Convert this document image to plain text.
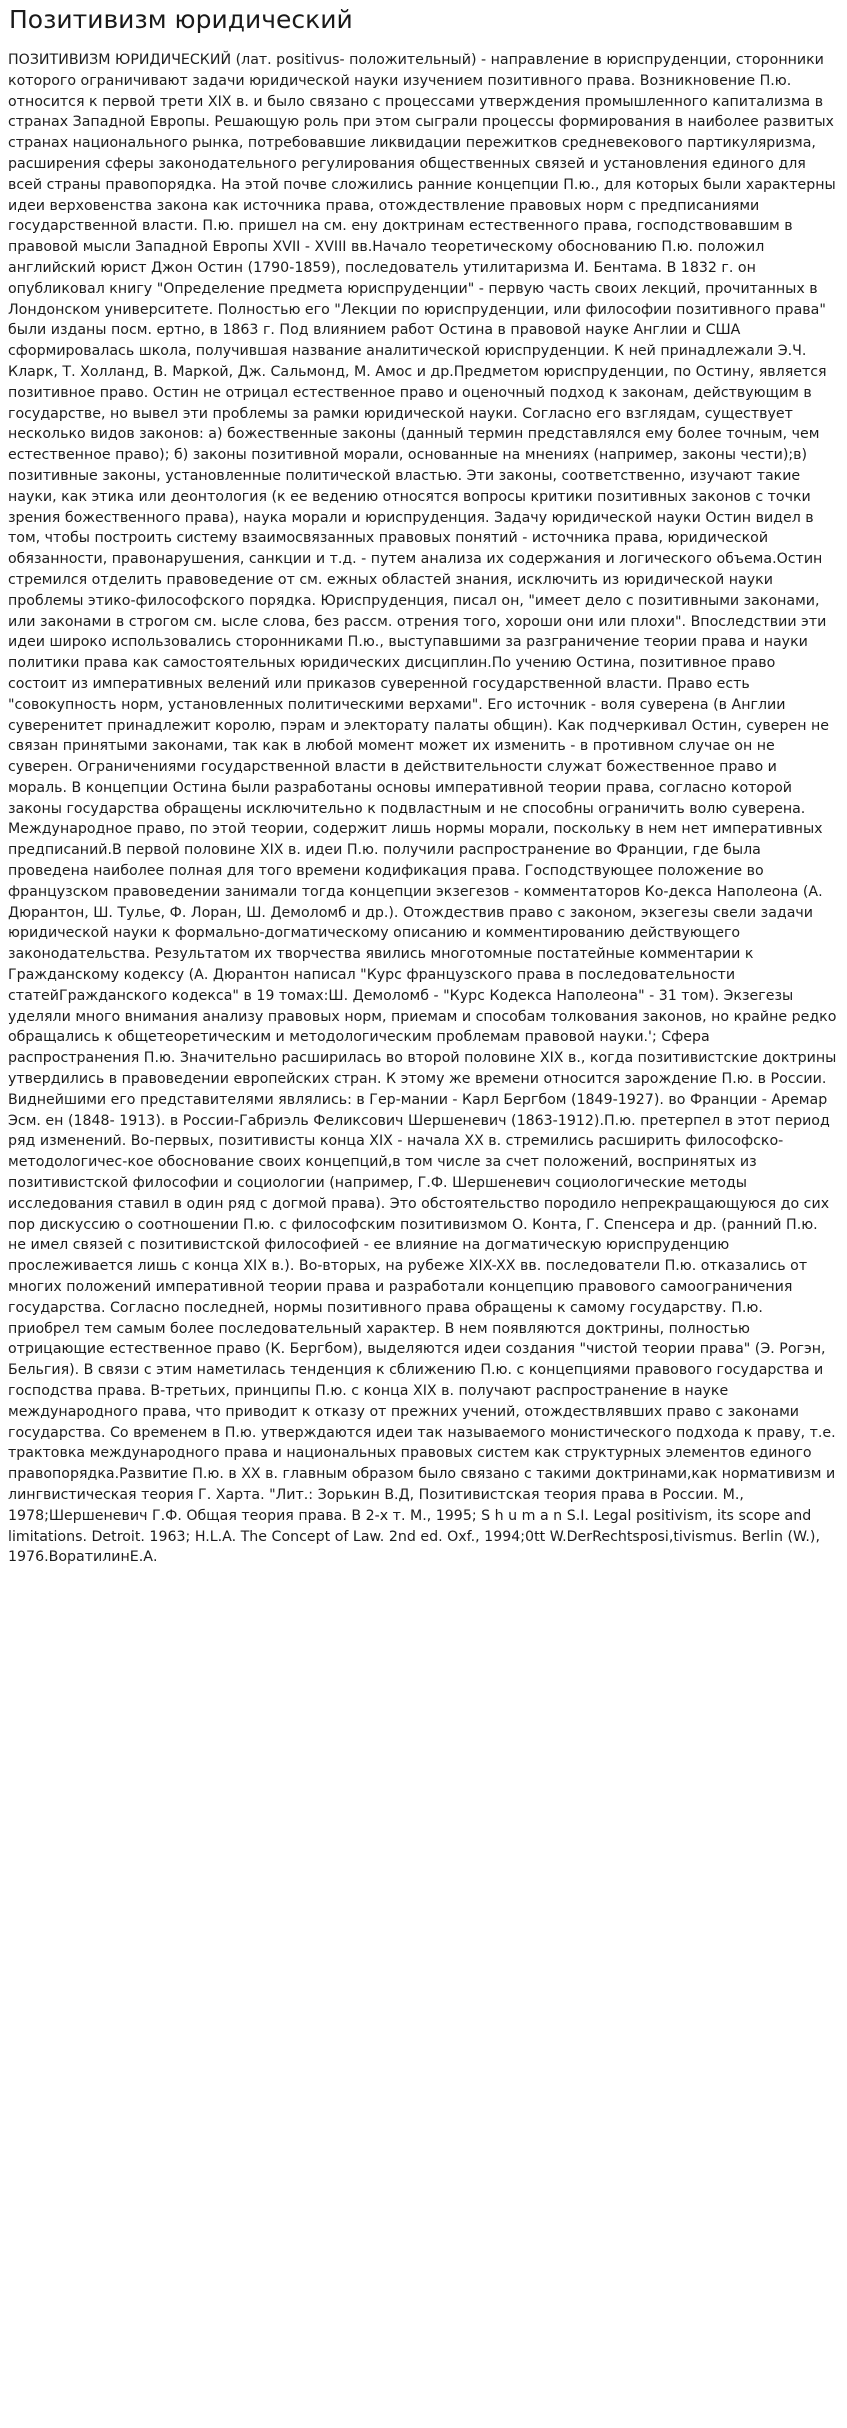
Позитивизм юридический

ПОЗИТИВИЗМ ЮРИДИЧЕСКИЙ (лат. positivus- положительный) - направление в юриспруденции, сторонники которого ограничивают задачи юридической науки изучением позитивного права. Возникновение П.ю. относится к первой трети XIX в. и было связано с процессами утверждения промышленного капитализма в странах Западной Европы. Решающую роль при этом сыграли процессы формирования в наиболее развитых странах национального рынка, потребовавшие ликвидации пережитков средневекового партикуляризма, расширения сферы законодательного регулирования общественных связей и установления единого для всей страны правопорядка. На этой почве сложились ранние концепции П.ю., для которых были характерны идеи верховенства закона как источника права, отождествление правовых норм с предписаниями государственной власти. П.ю. пришел на см. ену доктринам естественного права, господствовавшим в правовой мысли Западной Европы XVII - XVIII вв.Начало теоретическому обоснованию П.ю. положил английский юрист Джон Остин (1790-1859), последователь утилитаризма И. Бентама. В 1832 г. он опубликовал книгу "Определение предмета юриспруденции" - первую часть своих лекций, прочитанных в Лондонском университете. Полностью его "Лекции по юриспруденции, или философии позитивного права" были изданы посм. ертно, в 1863 г. Под влиянием работ Остина в правовой науке Англии и США сформировалась школа, получившая название аналитической юриспруденции. К ней принадлежали Э.Ч. Кларк, Т. Холланд, В. Маркой, Дж. Сальмонд, М. Амос и др.Предметом юриспруденции, по Остину, является позитивное право. Остин не отрицал естественное право и оценочный подход к законам, действующим в государстве, но вывел эти проблемы за рамки юридической науки. Согласно его взглядам, существует несколько видов законов: а) божественные законы (данный термин представлялся ему более точным, чем естественное право); б) законы позитивной морали, основанные на мнениях (например, законы чести);в) позитивные законы, установленные политической властью. Эти законы, соответственно, изучают такие науки, как этика или деонтология (к ее ведению относятся вопросы критики позитивных законов с точки зрения божественного права), наука морали и юриспруденция. Задачу юридической науки Остин видел в том, чтобы построить систему взаимосвязанных правовых понятий - источника права, юридической обязанности, правонарушения, санкции и т.д. - путем анализа их содержания и логического объема.Остин стремился отделить правоведение от см. ежных областей знания, исключить из юридической науки проблемы этико-философского порядка. Юриспруденция, писал он, "имеет дело с позитивными законами, или законами в строгом см. ысле слова, без рассм. отрения того, хороши они или плохи". Впоследствии эти идеи широко использовались сторонниками П.ю., выступавшими за разграничение теории права и науки политики права как самостоятельных юридических дисциплин.По учению Остина, позитивное право состоит из императивных велений или приказов суверенной государственной власти. Право есть "совокупность норм, установленных политическими верхами". Его источник - воля суверена (в Англии суверенитет принадлежит королю, пэрам и электорату палаты общин). Как подчеркивал Остин, суверен не связан принятыми законами, так как в любой момент может их изменить - в противном случае он не суверен. Ограничениями государственной власти в действительности служат божественное право и мораль. В концепции Остина были разработаны основы императивной теории права, согласно которой законы государства обращены исключительно к подвластным и не способны ограничить волю суверена. Международное право, по этой теории, содержит лишь нормы морали, поскольку в нем нет императивных предписаний.В первой половине XIX в. идеи П.ю. получили распространение во Франции, где была проведена наиболее полная для того времени кодификация права. Господствующее положение во французском правоведении занимали тогда концепции экзегезов - комментаторов Ко-декса Наполеона (А. Дюрантон, Ш. Тулье, Ф. Лоран, Ш. Демоломб и др.). Отождествив право с законом, экзегезы свели задачи юридической науки к формально-догматическому описанию и комментированию действующего законодательства. Результатом их творчества явились многотомные постатейные комментарии к Гражданскому кодексу (А. Дюрантон написал "Курс французского права в последовательности статейГражданского кодекса" в 19 томах:Ш. Демоломб - "Курс Кодекса Наполеона" - 31 том). Экзегезы уделяли много внимания анализу правовых норм, приемам и способам толкования законов, но крайне редко обращались к общетеоретическим и методологическим проблемам правовой науки.'; Сфера распространения П.ю. Значительно расширилась во второй половине XIX в., когда позитивистские доктрины утвердились в правоведении европейских стран. К этому же времени относится зарождение П.ю. в России. Виднейшими его представителями являлись: в Гер-мании - Карл Бергбом (1849-1927). во Франции - Аремар Эсм. ен (1848- 1913). в России-Габриэль Феликсович Шершеневич (1863-1912).П.ю. претерпел в этот период ряд изменений. Во-первых, позитивисты конца XIX - начала XX в. стремились расширить философско-методологичес-кое обоснование своих концепций,в том числе за счет положений, воспринятых из позитивистской философии и социологии (например, Г.Ф. Шершеневич социологические методы исследования ставил в один ряд с догмой права). Это обстоятельство породило непрекращающуюся до сих пор дискуссию о соотношении П.ю. с философским позитивизмом О. Конта, Г. Спенсера и др. (ранний П.ю. не имел связей с позитивистской философией - ее влияние на догматическую юриспруденцию прослеживается лишь с конца XIX в.). Во-вторых, на рубеже XIX-XX вв. последователи П.ю. отказались от многих положений императивной теории права и разработали концепцию правового самоограничения государства. Согласно последней, нормы позитивного права обращены к самому государству. П.ю. приобрел тем самым более последовательный характер. В нем появляются доктрины, полностью отрицающие естественное право (К. Бергбом), выделяются идеи создания "чистой теории права" (Э. Рогэн, Бельгия). В связи с этим наметилась тенденция к сближению П.ю. с концепциями правового государства и господства права. В-третьих, принципы П.ю. с конца XIX в. получают распространение в науке международного права, что приводит к отказу от прежних учений, отождествлявших право с законами государства. Со временем в П.ю. утверждаются идеи так называемого монистического подхода к праву, т.е. трактовка международного права и национальных правовых систем как структурных элементов единого правопорядка.Развитие П.ю. в XX в. главным образом было связано с такими доктринами,как нормативизм и лингвистическая теория Г. Харта. "Лит.: Зорькин В.Д, Позитивистская теория права в России. М., 1978;Шершеневич Г.Ф. Общая теория права. В 2-х т. М., 1995; S h u m a n S.I. Legal positivism, its scope and limitations. Detroit. 1963; H.L.A. The Concept of Law. 2nd ed. Oxf., 1994;0tt W.DerRechtsposi,tivismus. Berlin (W.), 1976.ВоратилинЕ.А.
